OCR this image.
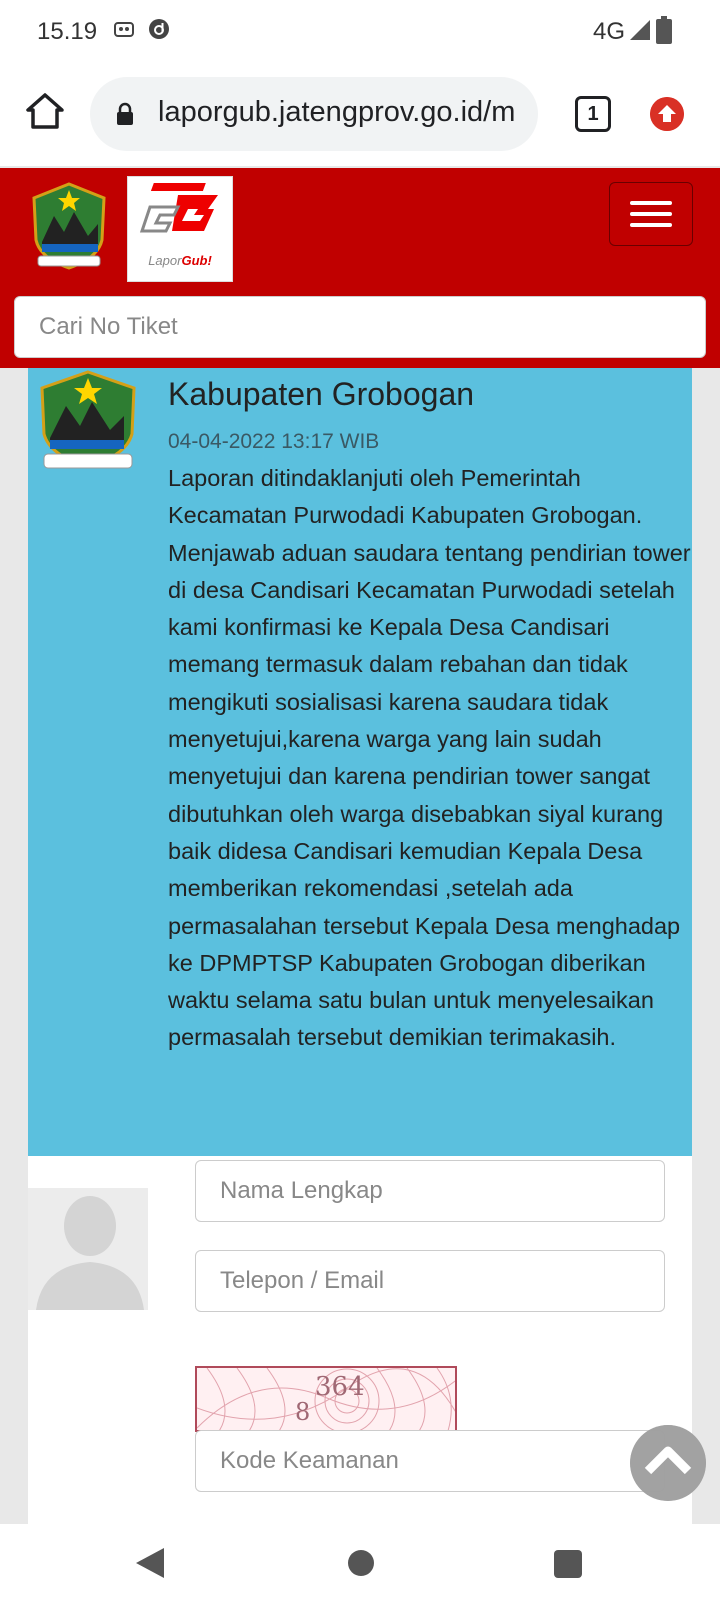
15.19	4G
laporgub.jatengprov.go.id/m	1
LaporGub!
Cari No Tiket
Kabupaten Grobogan
04-04-2022 13:17 WIB
Laporan ditindaklanjuti oleh Pemerintah Kecamatan Purwodadi Kabupaten Grobogan. Menjawab aduan saudara tentang pendirian tower di desa Candisari Kecamatan Purwodadi setelah kami konfirmasi ke Kepala Desa Candisari memang termasuk dalam rebahan dan tidak mengikuti sosialisasi karena saudara tidak menyetujui,karena warga yang lain sudah menyetujui dan karena pendirian tower sangat dibutuhkan oleh warga disebabkan siyal kurang baik didesa Candisari kemudian Kepala Desa memberikan rekomendasi ,setelah ada permasalahan tersebut Kepala Desa menghadap ke DPMPTSP Kabupaten Grobogan diberikan waktu selama satu bulan untuk menyelesaikan permasalah tersebut demikian terimakasih.
Nama Lengkap
Telepon / Email
8
364
Kode Keamanan
